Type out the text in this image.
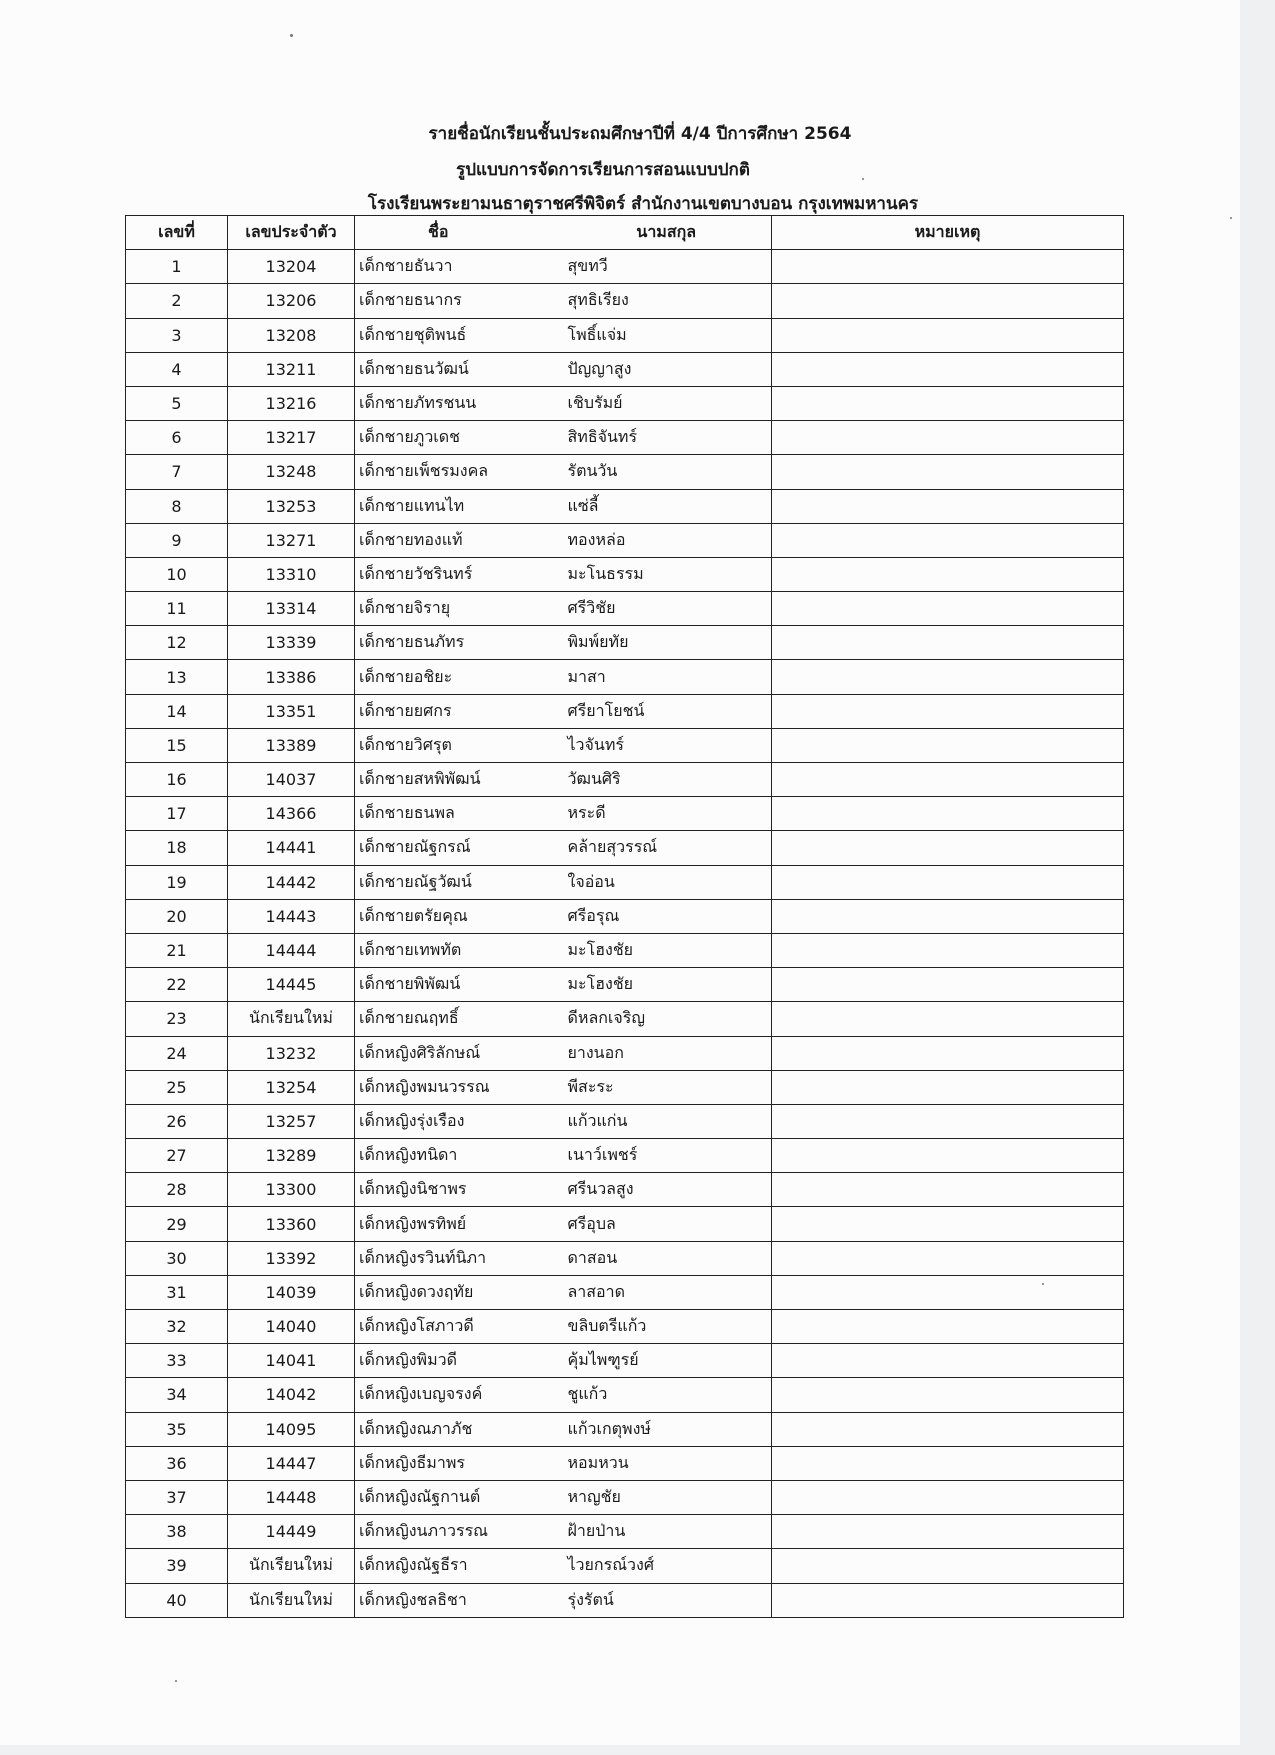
รายชื่อนักเรียนชั้นประถมศึกษาปีที่ 4/4 ปีการศึกษา 2564
รูปแบบการจัดการเรียนการสอนแบบปกติ
โรงเรียนพระยามนธาตุราชศรีพิจิตร์ สำนักงานเขตบางบอน กรุงเทพมหานคร
เลขที่	เลขประจำตัว	ชื่อ	นามสกุล	หมายเหตุ
1	13204	เด็กชายธันวา	สุขทวี	
2	13206	เด็กชายธนากร	สุทธิเรียง	
3	13208	เด็กชายชุติพนธ์	โพธิ์แจ่ม	
4	13211	เด็กชายธนวัฒน์	ปัญญาสูง	
5	13216	เด็กชายภัทรชนน	เชิบรัมย์	
6	13217	เด็กชายภูวเดช	สิทธิจันทร์	
7	13248	เด็กชายเพ็ชรมงคล	รัตนวัน	
8	13253	เด็กชายแทนไท	แซ่ลี้	
9	13271	เด็กชายทองแท้	ทองหล่อ	
10	13310	เด็กชายวัชรินทร์	มะโนธรรม	
11	13314	เด็กชายจิรายุ	ศรีวิชัย	
12	13339	เด็กชายธนภัทร	พิมพ์ยทัย	
13	13386	เด็กชายอชิยะ	มาสา	
14	13351	เด็กชายยศกร	ศรียาโยชน์	
15	13389	เด็กชายวิศรุต	ไวจันทร์	
16	14037	เด็กชายสหพิพัฒน์	วัฒนศิริ	
17	14366	เด็กชายธนพล	หระดี	
18	14441	เด็กชายณัฐกรณ์	คล้ายสุวรรณ์	
19	14442	เด็กชายณัฐวัฒน์	ใจอ่อน	
20	14443	เด็กชายตรัยคุณ	ศรีอรุณ	
21	14444	เด็กชายเทพทัต	มะโฮงชัย	
22	14445	เด็กชายพิพัฒน์	มะโฮงชัย	
23	นักเรียนใหม่	เด็กชายณฤทธิ์	ดีหลกเจริญ	
24	13232	เด็กหญิงศิริลักษณ์	ยางนอก	
25	13254	เด็กหญิงพมนวรรณ	พีสะระ	
26	13257	เด็กหญิงรุ่งเรือง	แก้วแก่น	
27	13289	เด็กหญิงทนิดา	เนาว์เพชร์	
28	13300	เด็กหญิงนิชาพร	ศรีนวลสูง	
29	13360	เด็กหญิงพรทิพย์	ศรีอุบล	
30	13392	เด็กหญิงรวินท์นิภา	ดาสอน	
31	14039	เด็กหญิงดวงฤทัย	ลาสอาด	
32	14040	เด็กหญิงโสภาวดี	ขลิบตรีแก้ว	
33	14041	เด็กหญิงพิมวดี	คุ้มไพฑูรย์	
34	14042	เด็กหญิงเบญจรงค์	ชูแก้ว	
35	14095	เด็กหญิงณภาภัช	แก้วเกตุพงษ์	
36	14447	เด็กหญิงธีมาพร	หอมหวน	
37	14448	เด็กหญิงณัฐกานต์	หาญชัย	
38	14449	เด็กหญิงนภาวรรณ	ฝ้ายป่าน	
39	นักเรียนใหม่	เด็กหญิงณัฐธีรา	ไวยกรณ์วงศ์	
40	นักเรียนใหม่	เด็กหญิงชลธิชา	รุ่งรัตน์	
